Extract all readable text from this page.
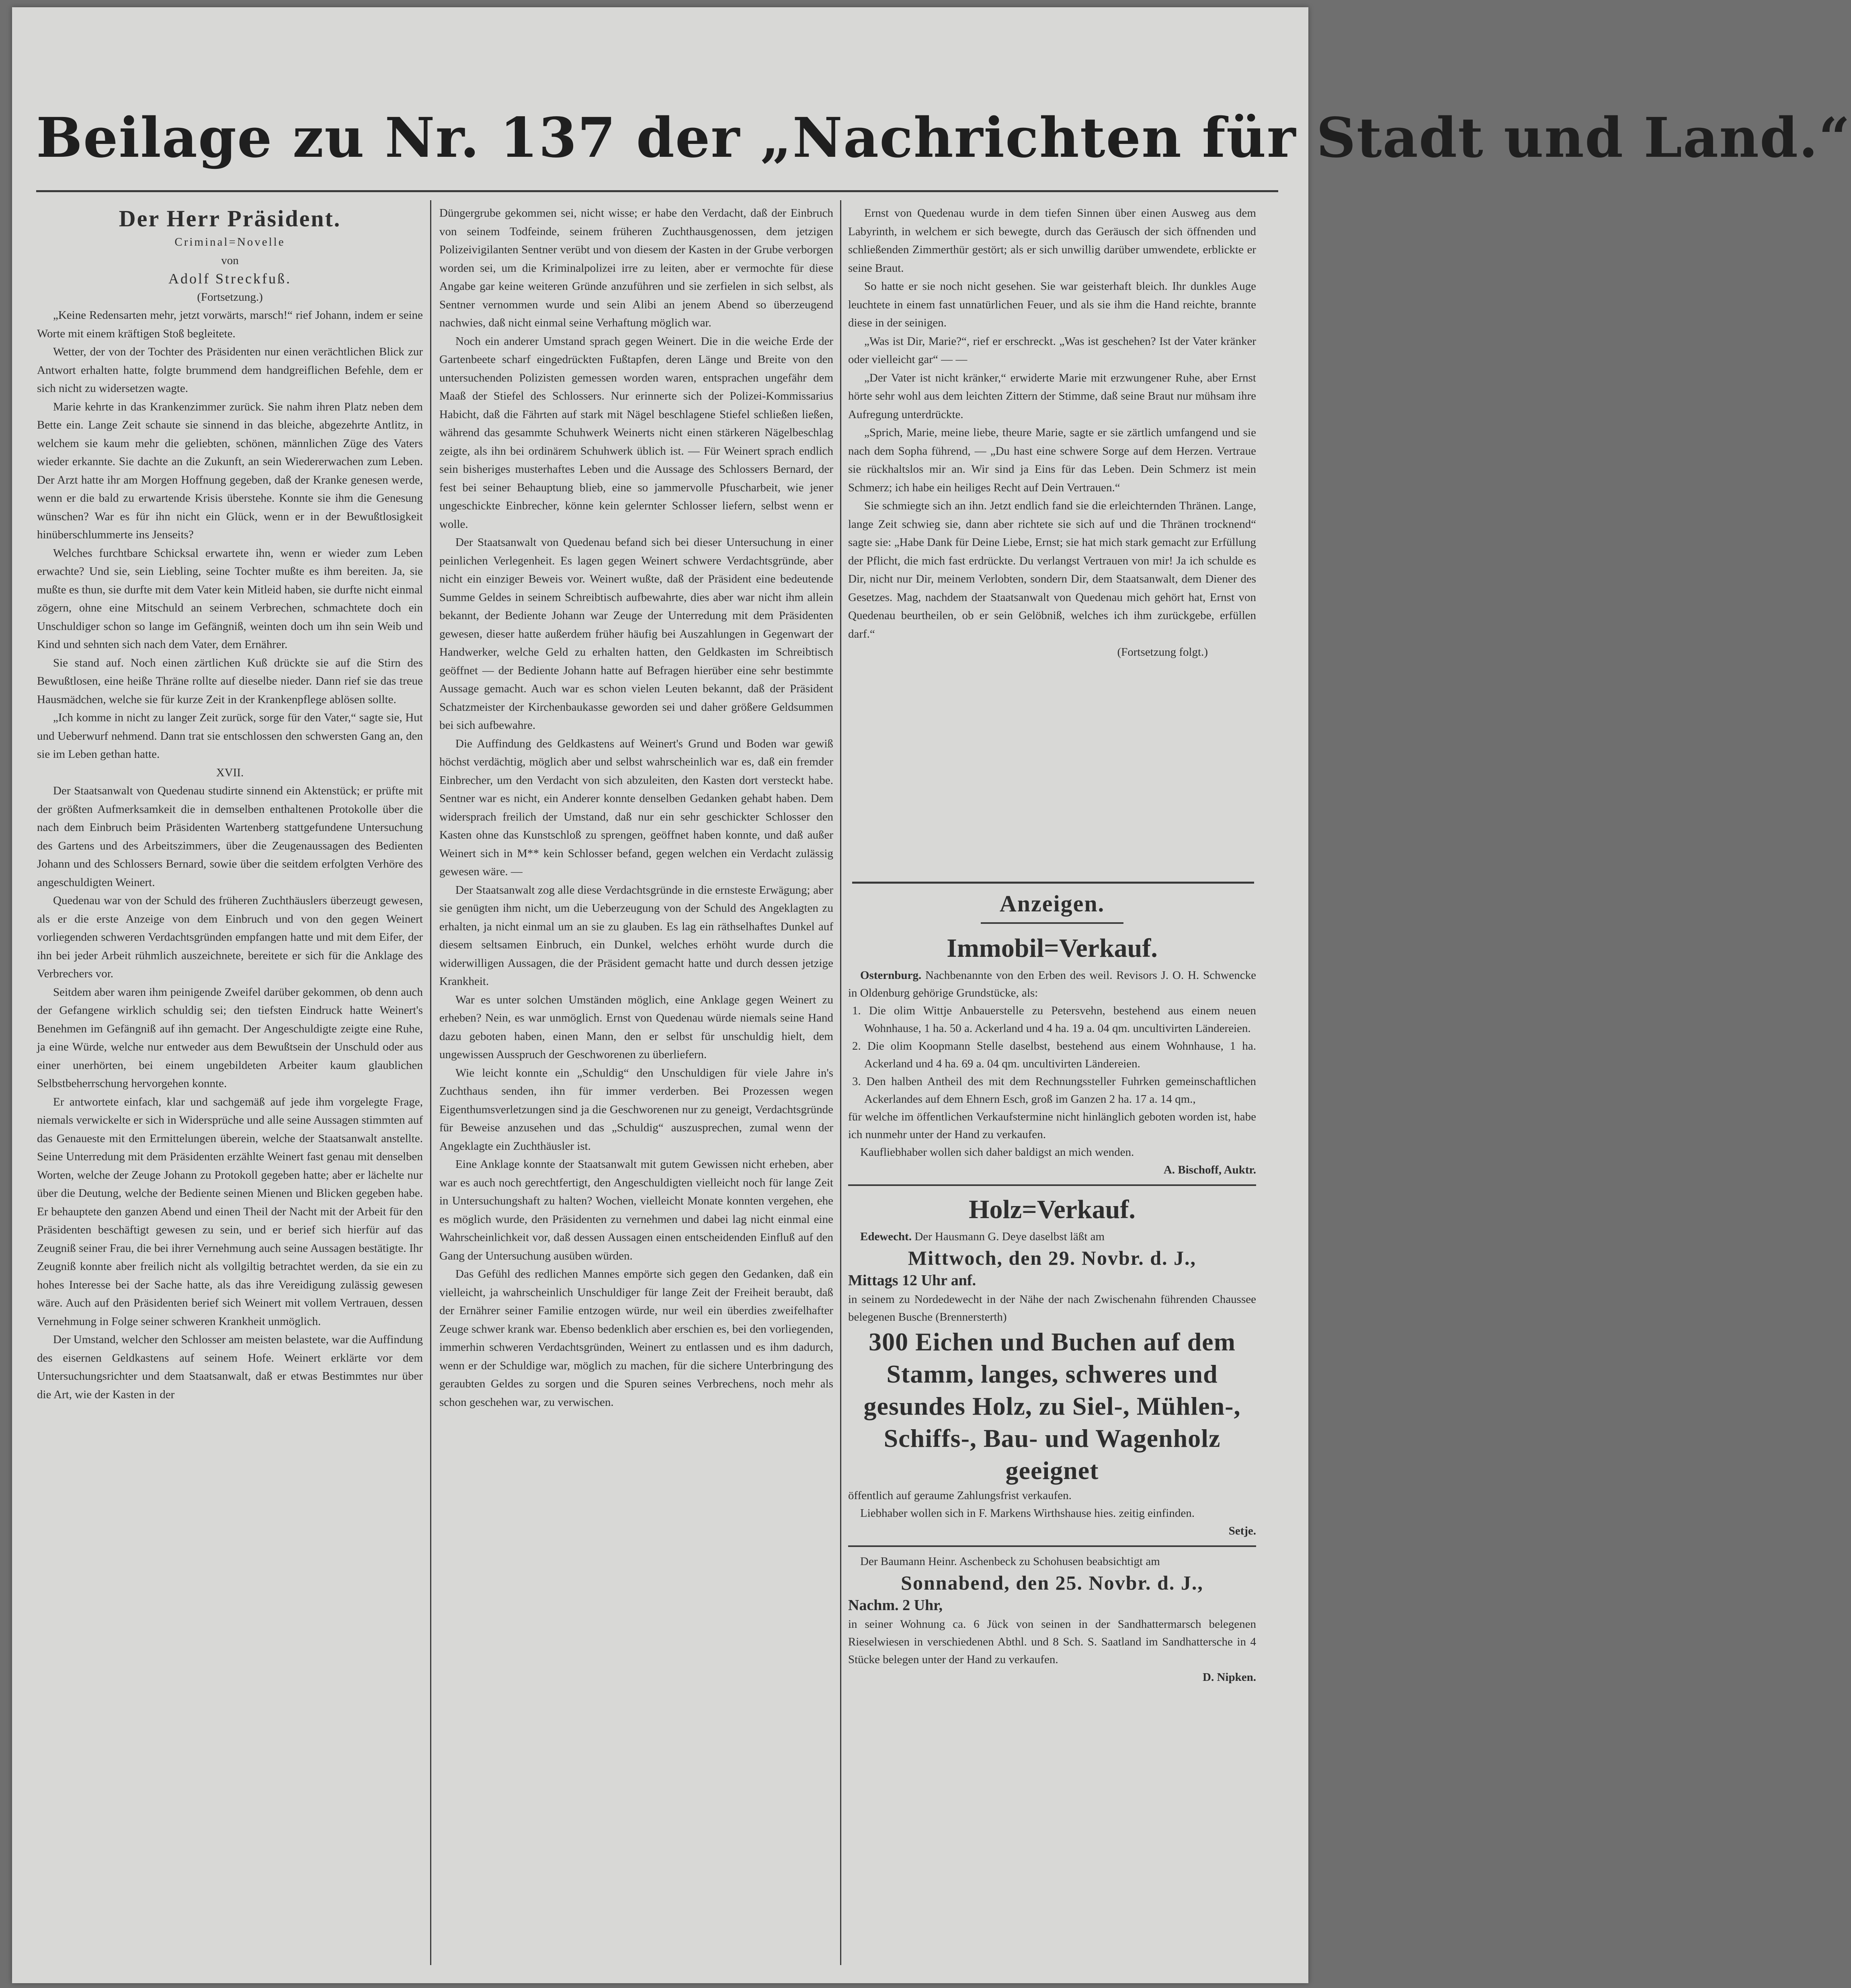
Beilage zu Nr. 137 der „Nachrichten für Stadt und Land.“

Der Herr Präsident.

Criminal=Novelle

von

Adolf Streckfuß.

(Fortsetzung.)

„Keine Redensarten mehr, jetzt vorwärts, marsch!“ rief Johann, indem er seine Worte mit einem kräftigen Stoß begleitete.

Wetter, der von der Tochter des Präsidenten nur einen verächtlichen Blick zur Antwort erhalten hatte, folgte brummend dem handgreiflichen Befehle, dem er sich nicht zu widersetzen wagte.

Marie kehrte in das Krankenzimmer zurück. Sie nahm ihren Platz neben dem Bette ein. Lange Zeit schaute sie sinnend in das bleiche, abgezehrte Antlitz, in welchem sie kaum mehr die geliebten, schönen, männlichen Züge des Vaters wieder erkannte. Sie dachte an die Zukunft, an sein Wiedererwachen zum Leben. Der Arzt hatte ihr am Morgen Hoffnung gegeben, daß der Kranke genesen werde, wenn er die bald zu erwartende Krisis überstehe. Konnte sie ihm die Genesung wünschen? War es für ihn nicht ein Glück, wenn er in der Bewußtlosigkeit hinüberschlummerte ins Jenseits?

Welches furchtbare Schicksal erwartete ihn, wenn er wieder zum Leben erwachte? Und sie, sein Liebling, seine Tochter mußte es ihm bereiten. Ja, sie mußte es thun, sie durfte mit dem Vater kein Mitleid haben, sie durfte nicht einmal zögern, ohne eine Mitschuld an seinem Verbrechen, schmachtete doch ein Unschuldiger schon so lange im Gefängniß, weinten doch um ihn sein Weib und Kind und sehnten sich nach dem Vater, dem Ernährer.

Sie stand auf. Noch einen zärtlichen Kuß drückte sie auf die Stirn des Bewußtlosen, eine heiße Thräne rollte auf dieselbe nieder. Dann rief sie das treue Hausmädchen, welche sie für kurze Zeit in der Krankenpflege ablösen sollte.

„Ich komme in nicht zu langer Zeit zurück, sorge für den Vater,“ sagte sie, Hut und Ueberwurf nehmend. Dann trat sie entschlossen den schwersten Gang an, den sie im Leben gethan hatte.

XVII.

Der Staatsanwalt von Quedenau studirte sinnend ein Aktenstück; er prüfte mit der größten Aufmerksamkeit die in demselben enthaltenen Protokolle über die nach dem Einbruch beim Präsidenten Wartenberg stattgefundene Untersuchung des Gartens und des Arbeitszimmers, über die Zeugenaussagen des Bedienten Johann und des Schlossers Bernard, sowie über die seitdem erfolgten Verhöre des angeschuldigten Weinert.

Quedenau war von der Schuld des früheren Zuchthäuslers überzeugt gewesen, als er die erste Anzeige von dem Einbruch und von den gegen Weinert vorliegenden schweren Verdachtsgründen empfangen hatte und mit dem Eifer, der ihn bei jeder Arbeit rühmlich auszeichnete, bereitete er sich für die Anklage des Verbrechers vor.

Seitdem aber waren ihm peinigende Zweifel darüber gekommen, ob denn auch der Gefangene wirklich schuldig sei; den tiefsten Eindruck hatte Weinert's Benehmen im Gefängniß auf ihn gemacht. Der Angeschuldigte zeigte eine Ruhe, ja eine Würde, welche nur entweder aus dem Bewußtsein der Unschuld oder aus einer unerhörten, bei einem ungebildeten Arbeiter kaum glaublichen Selbstbeherrschung hervorgehen konnte.

Er antwortete einfach, klar und sachgemäß auf jede ihm vorgelegte Frage, niemals verwickelte er sich in Widersprüche und alle seine Aussagen stimmten auf das Genaueste mit den Ermittelungen überein, welche der Staatsanwalt anstellte. Seine Unterredung mit dem Präsidenten erzählte Weinert fast genau mit denselben Worten, welche der Zeuge Johann zu Protokoll gegeben hatte; aber er lächelte nur über die Deutung, welche der Bediente seinen Mienen und Blicken gegeben habe. Er behauptete den ganzen Abend und einen Theil der Nacht mit der Arbeit für den Präsidenten beschäftigt gewesen zu sein, und er berief sich hierfür auf das Zeugniß seiner Frau, die bei ihrer Vernehmung auch seine Aussagen bestätigte. Ihr Zeugniß konnte aber freilich nicht als vollgiltig betrachtet werden, da sie ein zu hohes Interesse bei der Sache hatte, als das ihre Vereidigung zulässig gewesen wäre. Auch auf den Präsidenten berief sich Weinert mit vollem Vertrauen, dessen Vernehmung in Folge seiner schweren Krankheit unmöglich.

Der Umstand, welcher den Schlosser am meisten belastete, war die Auffindung des eisernen Geldkastens auf seinem Hofe. Weinert erklärte vor dem Untersuchungsrichter und dem Staatsanwalt, daß er etwas Bestimmtes nur über die Art, wie der Kasten in der

Düngergrube gekommen sei, nicht wisse; er habe den Verdacht, daß der Einbruch von seinem Todfeinde, seinem früheren Zuchthausgenossen, dem jetzigen Polizeivigilanten Sentner verübt und von diesem der Kasten in der Grube verborgen worden sei, um die Kriminalpolizei irre zu leiten, aber er vermochte für diese Angabe gar keine weiteren Gründe anzuführen und sie zerfielen in sich selbst, als Sentner vernommen wurde und sein Alibi an jenem Abend so überzeugend nachwies, daß nicht einmal seine Verhaftung möglich war.

Noch ein anderer Umstand sprach gegen Weinert. Die in die weiche Erde der Gartenbeete scharf eingedrückten Fußtapfen, deren Länge und Breite von den untersuchenden Polizisten gemessen worden waren, entsprachen ungefähr dem Maaß der Stiefel des Schlossers. Nur erinnerte sich der Polizei-Kommissarius Habicht, daß die Fährten auf stark mit Nägel beschlagene Stiefel schließen ließen, während das gesammte Schuhwerk Weinerts nicht einen stärkeren Nägelbeschlag zeigte, als ihn bei ordinärem Schuhwerk üblich ist. — Für Weinert sprach endlich sein bisheriges musterhaftes Leben und die Aussage des Schlossers Bernard, der fest bei seiner Behauptung blieb, eine so jammervolle Pfuscharbeit, wie jener ungeschickte Einbrecher, könne kein gelernter Schlosser liefern, selbst wenn er wolle.

Der Staatsanwalt von Quedenau befand sich bei dieser Untersuchung in einer peinlichen Verlegenheit. Es lagen gegen Weinert schwere Verdachtsgründe, aber nicht ein einziger Beweis vor. Weinert wußte, daß der Präsident eine bedeutende Summe Geldes in seinem Schreibtisch aufbewahrte, dies aber war nicht ihm allein bekannt, der Bediente Johann war Zeuge der Unterredung mit dem Präsidenten gewesen, dieser hatte außerdem früher häufig bei Auszahlungen in Gegenwart der Handwerker, welche Geld zu erhalten hatten, den Geldkasten im Schreibtisch geöffnet — der Bediente Johann hatte auf Befragen hierüber eine sehr bestimmte Aussage gemacht. Auch war es schon vielen Leuten bekannt, daß der Präsident Schatzmeister der Kirchenbaukasse geworden sei und daher größere Geldsummen bei sich aufbewahre.

Die Auffindung des Geldkastens auf Weinert's Grund und Boden war gewiß höchst verdächtig, möglich aber und selbst wahrscheinlich war es, daß ein fremder Einbrecher, um den Verdacht von sich abzuleiten, den Kasten dort versteckt habe. Sentner war es nicht, ein Anderer konnte denselben Gedanken gehabt haben. Dem widersprach freilich der Umstand, daß nur ein sehr geschickter Schlosser den Kasten ohne das Kunstschloß zu sprengen, geöffnet haben konnte, und daß außer Weinert sich in M** kein Schlosser befand, gegen welchen ein Verdacht zulässig gewesen wäre. —

Der Staatsanwalt zog alle diese Verdachtsgründe in die ernsteste Erwägung; aber sie genügten ihm nicht, um die Ueberzeugung von der Schuld des Angeklagten zu erhalten, ja nicht einmal um an sie zu glauben. Es lag ein räthselhaftes Dunkel auf diesem seltsamen Einbruch, ein Dunkel, welches erhöht wurde durch die widerwilligen Aussagen, die der Präsident gemacht hatte und durch dessen jetzige Krankheit.

War es unter solchen Umständen möglich, eine Anklage gegen Weinert zu erheben? Nein, es war unmöglich. Ernst von Quedenau würde niemals seine Hand dazu geboten haben, einen Mann, den er selbst für unschuldig hielt, dem ungewissen Ausspruch der Geschworenen zu überliefern.

Wie leicht konnte ein „Schuldig“ den Unschuldigen für viele Jahre in's Zuchthaus senden, ihn für immer verderben. Bei Prozessen wegen Eigenthumsverletzungen sind ja die Geschworenen nur zu geneigt, Verdachtsgründe für Beweise anzusehen und das „Schuldig“ auszusprechen, zumal wenn der Angeklagte ein Zuchthäusler ist.

Eine Anklage konnte der Staatsanwalt mit gutem Gewissen nicht erheben, aber war es auch noch gerechtfertigt, den Angeschuldigten vielleicht noch für lange Zeit in Untersuchungshaft zu halten? Wochen, vielleicht Monate konnten vergehen, ehe es möglich wurde, den Präsidenten zu vernehmen und dabei lag nicht einmal eine Wahrscheinlichkeit vor, daß dessen Aussagen einen entscheidenden Einfluß auf den Gang der Untersuchung ausüben würden.

Das Gefühl des redlichen Mannes empörte sich gegen den Gedanken, daß ein vielleicht, ja wahrscheinlich Unschuldiger für lange Zeit der Freiheit beraubt, daß der Ernährer seiner Familie entzogen würde, nur weil ein überdies zweifelhafter Zeuge schwer krank war. Ebenso bedenklich aber erschien es, bei den vorliegenden, immerhin schweren Verdachtsgründen, Weinert zu entlassen und es ihm dadurch, wenn er der Schuldige war, möglich zu machen, für die sichere Unterbringung des geraubten Geldes zu sorgen und die Spuren seines Verbrechens, noch mehr als schon geschehen war, zu verwischen.

Ernst von Quedenau wurde in dem tiefen Sinnen über einen Ausweg aus dem Labyrinth, in welchem er sich bewegte, durch das Geräusch der sich öffnenden und schließenden Zimmerthür gestört; als er sich unwillig darüber umwendete, erblickte er seine Braut.

So hatte er sie noch nicht gesehen. Sie war geisterhaft bleich. Ihr dunkles Auge leuchtete in einem fast unnatürlichen Feuer, und als sie ihm die Hand reichte, brannte diese in der seinigen.

„Was ist Dir, Marie?“, rief er erschreckt. „Was ist geschehen? Ist der Vater kränker oder vielleicht gar“ — —

„Der Vater ist nicht kränker,“ erwiderte Marie mit erzwungener Ruhe, aber Ernst hörte sehr wohl aus dem leichten Zittern der Stimme, daß seine Braut nur mühsam ihre Aufregung unterdrückte.

„Sprich, Marie, meine liebe, theure Marie, sagte er sie zärtlich umfangend und sie nach dem Sopha führend, — „Du hast eine schwere Sorge auf dem Herzen. Vertraue sie rückhaltslos mir an. Wir sind ja Eins für das Leben. Dein Schmerz ist mein Schmerz; ich habe ein heiliges Recht auf Dein Vertrauen.“

Sie schmiegte sich an ihn. Jetzt endlich fand sie die erleichternden Thränen. Lange, lange Zeit schwieg sie, dann aber richtete sie sich auf und die Thränen trocknend“ sagte sie: „Habe Dank für Deine Liebe, Ernst; sie hat mich stark gemacht zur Erfüllung der Pflicht, die mich fast erdrückte. Du verlangst Vertrauen von mir! Ja ich schulde es Dir, nicht nur Dir, meinem Verlobten, sondern Dir, dem Staatsanwalt, dem Diener des Gesetzes. Mag, nachdem der Staatsanwalt von Quedenau mich gehört hat, Ernst von Quedenau beurtheilen, ob er sein Gelöbniß, welches ich ihm zurückgebe, erfüllen darf.“

(Fortsetzung folgt.)

Anzeigen.
Immobil=Verkauf.

Osternburg. Nachbenannte von den Erben des weil. Revisors J. O. H. Schwencke in Oldenburg gehörige Grundstücke, als:

1. Die olim Wittje Anbauerstelle zu Petersvehn, bestehend aus einem neuen Wohnhause, 1 ha. 50 a. Ackerland und 4 ha. 19 a. 04 qm. uncultivirten Ländereien.

2. Die olim Koopmann Stelle daselbst, bestehend aus einem Wohnhause, 1 ha. Ackerland und 4 ha. 69 a. 04 qm. uncultivirten Ländereien.

3. Den halben Antheil des mit dem Rechnungssteller Fuhrken gemeinschaftlichen Ackerlandes auf dem Ehnern Esch, groß im Ganzen 2 ha. 17 a. 14 qm.,

für welche im öffentlichen Verkaufstermine nicht hinlänglich geboten worden ist, habe ich nunmehr unter der Hand zu verkaufen.

Kaufliebhaber wollen sich daher baldigst an mich wenden.

A. Bischoff, Auktr.

Holz=Verkauf.

Edewecht. Der Hausmann G. Deye daselbst läßt am

Mittwoch, den 29. Novbr. d. J.,

Mittags 12 Uhr anf.

in seinem zu Nordedewecht in der Nähe der nach Zwischenahn führenden Chaussee belegenen Busche (Brennersterth)

300 Eichen und Buchen auf dem Stamm, langes, schweres und gesundes Holz, zu Siel-, Mühlen-, Schiffs-, Bau- und Wagenholz geeignet

öffentlich auf geraume Zahlungsfrist verkaufen.

Liebhaber wollen sich in F. Markens Wirthshause hies. zeitig einfinden.

Setje.

Der Baumann Heinr. Aschenbeck zu Schohusen beabsichtigt am

Sonnabend, den 25. Novbr. d. J.,

Nachm. 2 Uhr,

in seiner Wohnung ca. 6 Jück von seinen in der Sandhattermarsch belegenen Rieselwiesen in verschiedenen Abthl. und 8 Sch. S. Saatland im Sandhattersche in 4 Stücke belegen unter der Hand zu verkaufen.

D. Nipken.
